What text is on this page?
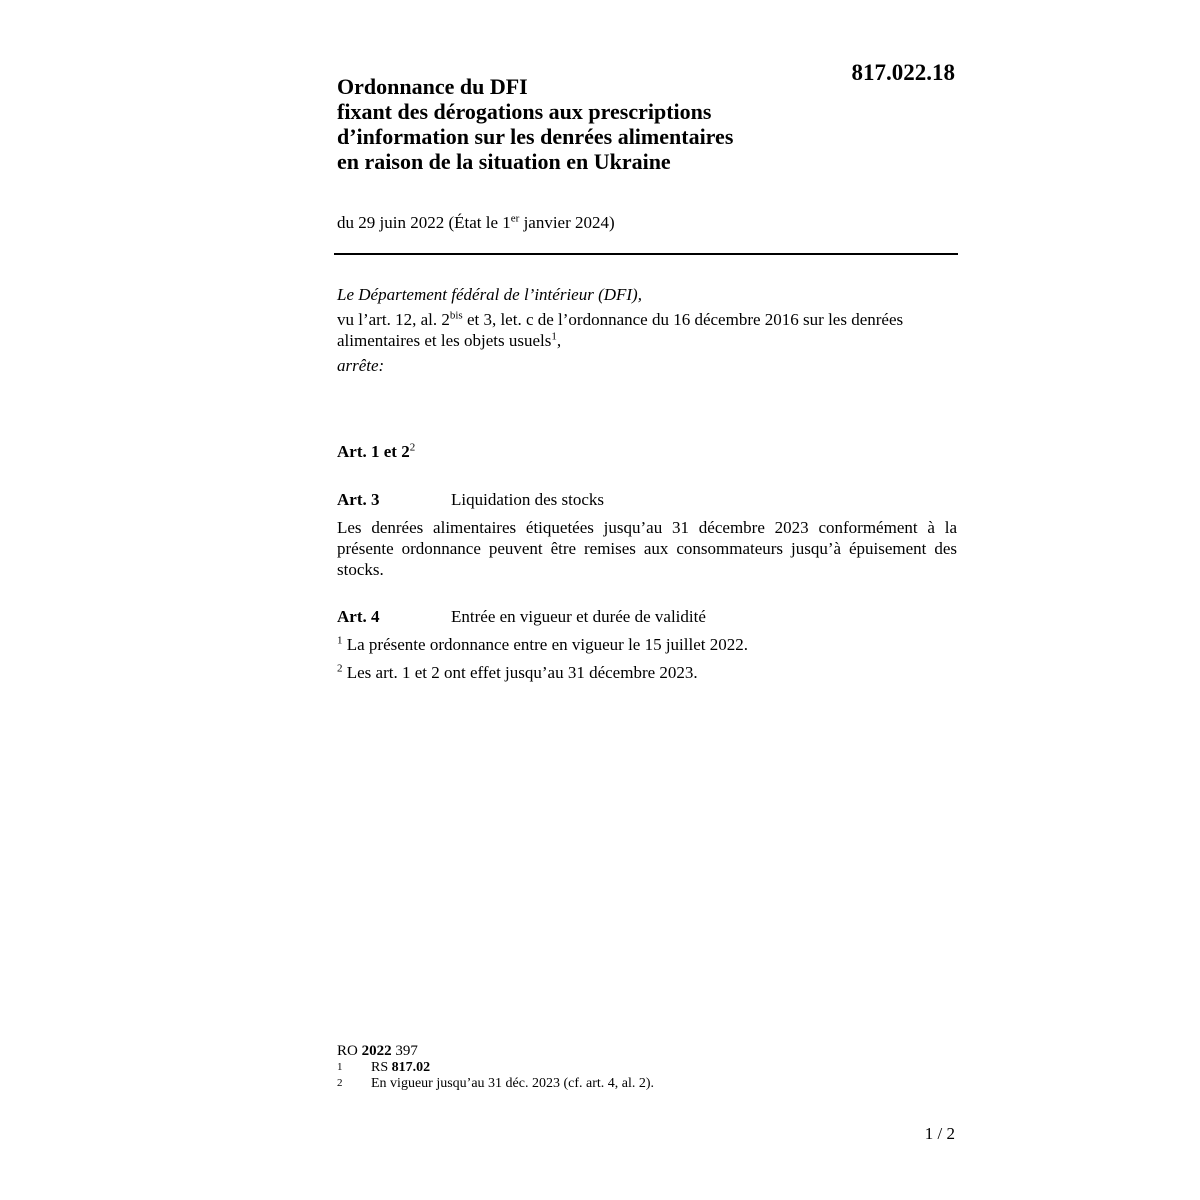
817.022.18
Ordonnance du DFI
fixant des dérogations aux prescriptions
d’information sur les denrées alimentaires
en raison de la situation en Ukraine
du 29 juin 2022 (État le 1er janvier 2024)
Le Département fédéral de l’intérieur (DFI),
vu l’art. 12, al. $2^{bis}$ et 3, let. c de l’ordonnance du 16 décembre 2016 sur les denrées alimentaires et les objets usuels$^1$,
arrête:
Art. 1 et $2^2$
Art. 3	Liquidation des stocks
Les denrées alimentaires étiquetées jusqu’au 31 décembre 2023 conformément à la présente ordonnance peuvent être remises aux consommateurs jusqu’à épuisement des stocks.
Art. 4	Entrée en vigueur et durée de validité
$^1$ La présente ordonnance entre en vigueur le 15 juillet 2022.
$^2$ Les art. 1 et 2 ont effet jusqu’au 31 décembre 2023.
RO 2022 397
1	RS 817.02
2	En vigueur jusqu’au 31 déc. 2023 (cf. art. 4, al. 2).
1 / 2
